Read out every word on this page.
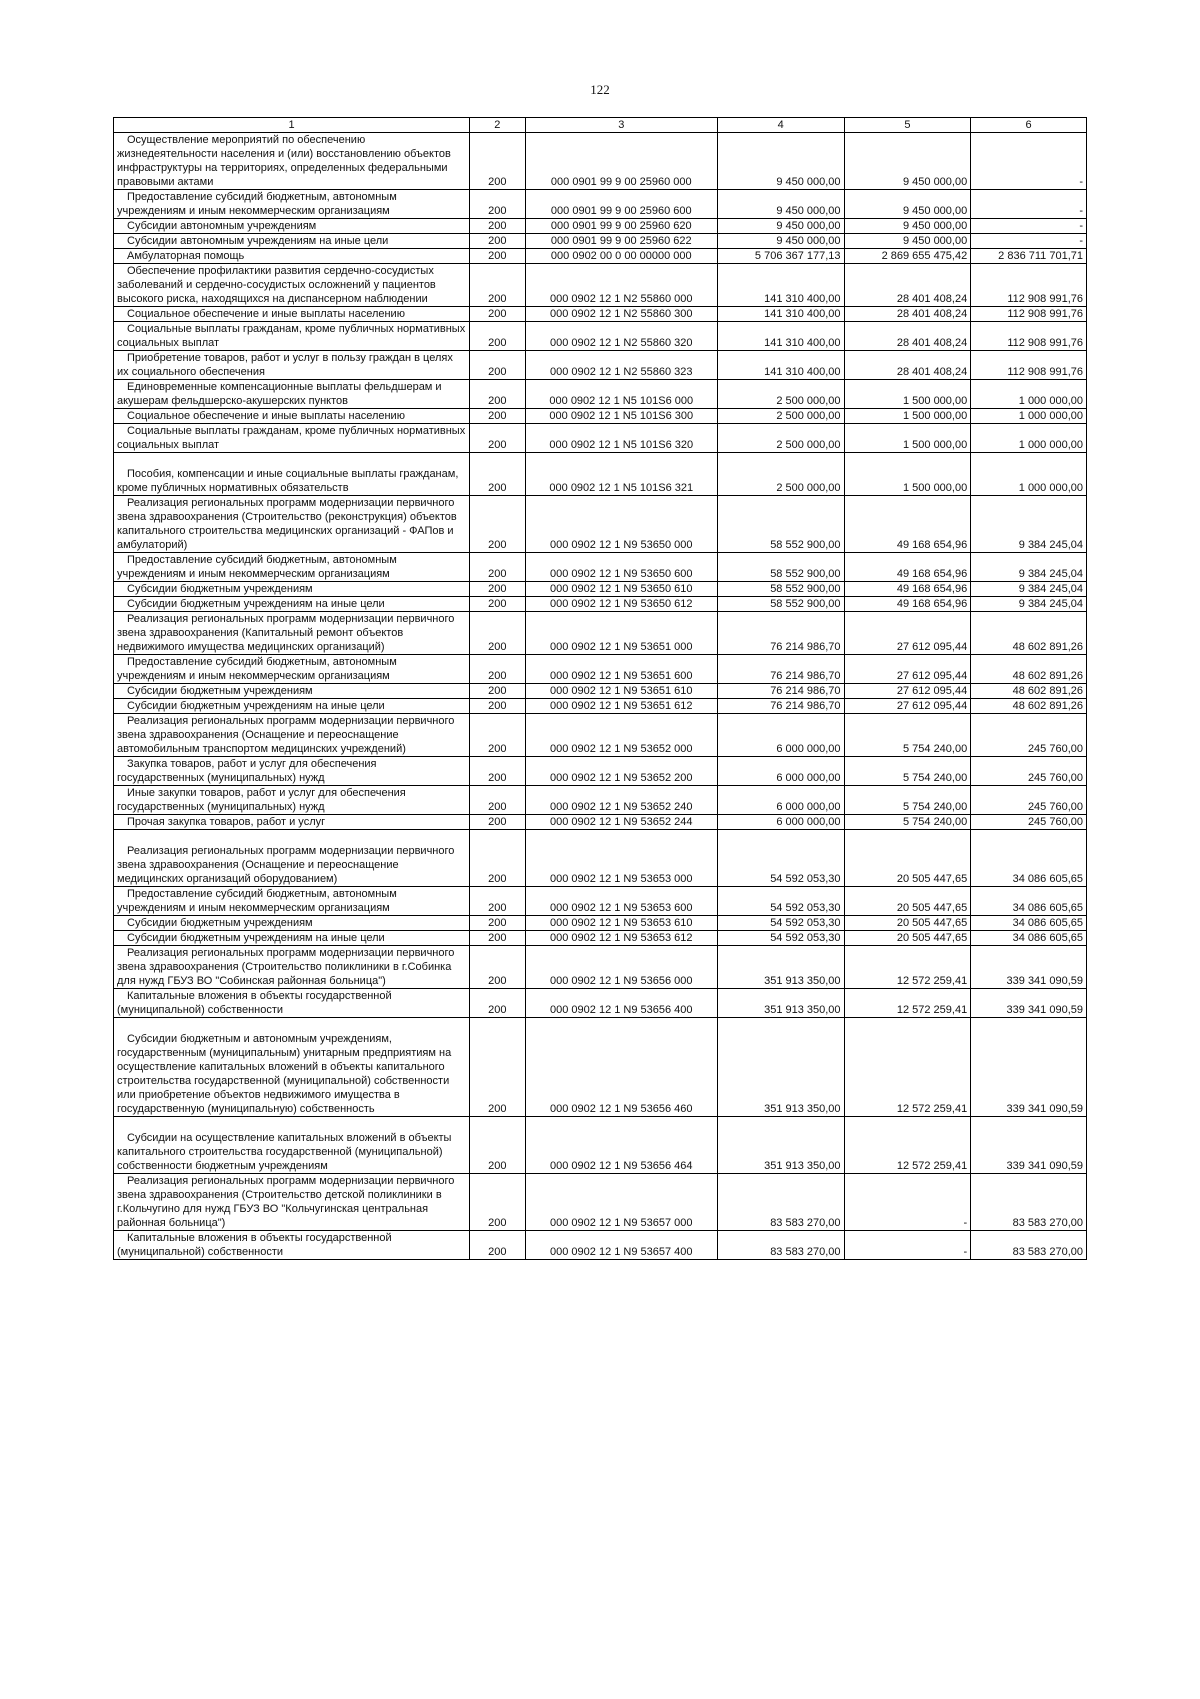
122
1	2	3	4	5	6
Осуществление мероприятий по обеспечению жизнедеятельности населения и (или) восстановлению объектов инфраструктуры на территориях, определенных федеральными правовыми актами	200	000 0901 99 9 00 25960 000	9 450 000,00	9 450 000,00	-
Предоставление субсидий бюджетным, автономным учреждениям и иным некоммерческим организациям	200	000 0901 99 9 00 25960 600	9 450 000,00	9 450 000,00	-
Субсидии автономным учреждениям	200	000 0901 99 9 00 25960 620	9 450 000,00	9 450 000,00	-
Субсидии автономным учреждениям на иные цели	200	000 0901 99 9 00 25960 622	9 450 000,00	9 450 000,00	-
Амбулаторная помощь	200	000 0902 00 0 00 00000 000	5 706 367 177,13	2 869 655 475,42	2 836 711 701,71
Обеспечение профилактики развития сердечно-сосудистых заболеваний и сердечно-сосудистых осложнений у пациентов высокого риска, находящихся на диспансерном наблюдении	200	000 0902 12 1 N2 55860 000	141 310 400,00	28 401 408,24	112 908 991,76
Социальное обеспечение и иные выплаты населению	200	000 0902 12 1 N2 55860 300	141 310 400,00	28 401 408,24	112 908 991,76
Социальные выплаты гражданам, кроме публичных нормативных социальных выплат	200	000 0902 12 1 N2 55860 320	141 310 400,00	28 401 408,24	112 908 991,76
Приобретение товаров, работ и услуг в пользу граждан в целях их социального обеспечения	200	000 0902 12 1 N2 55860 323	141 310 400,00	28 401 408,24	112 908 991,76
Единовременные компенсационные выплаты фельдшерам и акушерам фельдшерско-акушерских пунктов	200	000 0902 12 1 N5 101S6 000	2 500 000,00	1 500 000,00	1 000 000,00
Социальное обеспечение и иные выплаты населению	200	000 0902 12 1 N5 101S6 300	2 500 000,00	1 500 000,00	1 000 000,00
Социальные выплаты гражданам, кроме публичных нормативных социальных выплат	200	000 0902 12 1 N5 101S6 320	2 500 000,00	1 500 000,00	1 000 000,00
Пособия, компенсации и иные социальные выплаты гражданам, кроме публичных нормативных обязательств	200	000 0902 12 1 N5 101S6 321	2 500 000,00	1 500 000,00	1 000 000,00
Реализация региональных программ модернизации первичного звена здравоохранения (Строительство (реконструкция) объектов капитального строительства медицинских организаций - ФАПов и амбулаторий)	200	000 0902 12 1 N9 53650 000	58 552 900,00	49 168 654,96	9 384 245,04
Предоставление субсидий бюджетным, автономным учреждениям и иным некоммерческим организациям	200	000 0902 12 1 N9 53650 600	58 552 900,00	49 168 654,96	9 384 245,04
Субсидии бюджетным учреждениям	200	000 0902 12 1 N9 53650 610	58 552 900,00	49 168 654,96	9 384 245,04
Субсидии бюджетным учреждениям на иные цели	200	000 0902 12 1 N9 53650 612	58 552 900,00	49 168 654,96	9 384 245,04
Реализация региональных программ модернизации первичного звена здравоохранения (Капитальный ремонт объектов недвижимого имущества медицинских организаций)	200	000 0902 12 1 N9 53651 000	76 214 986,70	27 612 095,44	48 602 891,26
Предоставление субсидий бюджетным, автономным учреждениям и иным некоммерческим организациям	200	000 0902 12 1 N9 53651 600	76 214 986,70	27 612 095,44	48 602 891,26
Субсидии бюджетным учреждениям	200	000 0902 12 1 N9 53651 610	76 214 986,70	27 612 095,44	48 602 891,26
Субсидии бюджетным учреждениям на иные цели	200	000 0902 12 1 N9 53651 612	76 214 986,70	27 612 095,44	48 602 891,26
Реализация региональных программ модернизации первичного звена здравоохранения (Оснащение и переоснащение автомобильным транспортом медицинских учреждений)	200	000 0902 12 1 N9 53652 000	6 000 000,00	5 754 240,00	245 760,00
Закупка товаров, работ и услуг для обеспечения государственных (муниципальных) нужд	200	000 0902 12 1 N9 53652 200	6 000 000,00	5 754 240,00	245 760,00
Иные закупки товаров, работ и услуг для обеспечения государственных (муниципальных) нужд	200	000 0902 12 1 N9 53652 240	6 000 000,00	5 754 240,00	245 760,00
Прочая закупка товаров, работ и услуг	200	000 0902 12 1 N9 53652 244	6 000 000,00	5 754 240,00	245 760,00
Реализация региональных программ модернизации первичного звена здравоохранения (Оснащение и переоснащение медицинских организаций оборудованием)	200	000 0902 12 1 N9 53653 000	54 592 053,30	20 505 447,65	34 086 605,65
Предоставление субсидий бюджетным, автономным учреждениям и иным некоммерческим организациям	200	000 0902 12 1 N9 53653 600	54 592 053,30	20 505 447,65	34 086 605,65
Субсидии бюджетным учреждениям	200	000 0902 12 1 N9 53653 610	54 592 053,30	20 505 447,65	34 086 605,65
Субсидии бюджетным учреждениям на иные цели	200	000 0902 12 1 N9 53653 612	54 592 053,30	20 505 447,65	34 086 605,65
Реализация региональных программ модернизации первичного звена здравоохранения (Строительство поликлиники в г.Собинка для нужд ГБУЗ ВО "Собинская районная больница")	200	000 0902 12 1 N9 53656 000	351 913 350,00	12 572 259,41	339 341 090,59
Капитальные вложения в объекты государственной (муниципальной) собственности	200	000 0902 12 1 N9 53656 400	351 913 350,00	12 572 259,41	339 341 090,59
Субсидии бюджетным и автономным учреждениям, государственным (муниципальным) унитарным предприятиям на осуществление капитальных вложений в объекты капитального строительства государственной (муниципальной) собственности или приобретение объектов недвижимого имущества в государственную (муниципальную) собственность	200	000 0902 12 1 N9 53656 460	351 913 350,00	12 572 259,41	339 341 090,59
Субсидии на осуществление капитальных вложений в объекты капитального строительства государственной (муниципальной) собственности бюджетным учреждениям	200	000 0902 12 1 N9 53656 464	351 913 350,00	12 572 259,41	339 341 090,59
Реализация региональных программ модернизации первичного звена здравоохранения (Строительство детской поликлиники в г.Кольчугино для нужд ГБУЗ ВО "Кольчугинская центральная районная больница")	200	000 0902 12 1 N9 53657 000	83 583 270,00	-	83 583 270,00
Капитальные вложения в объекты государственной (муниципальной) собственности	200	000 0902 12 1 N9 53657 400	83 583 270,00	-	83 583 270,00
